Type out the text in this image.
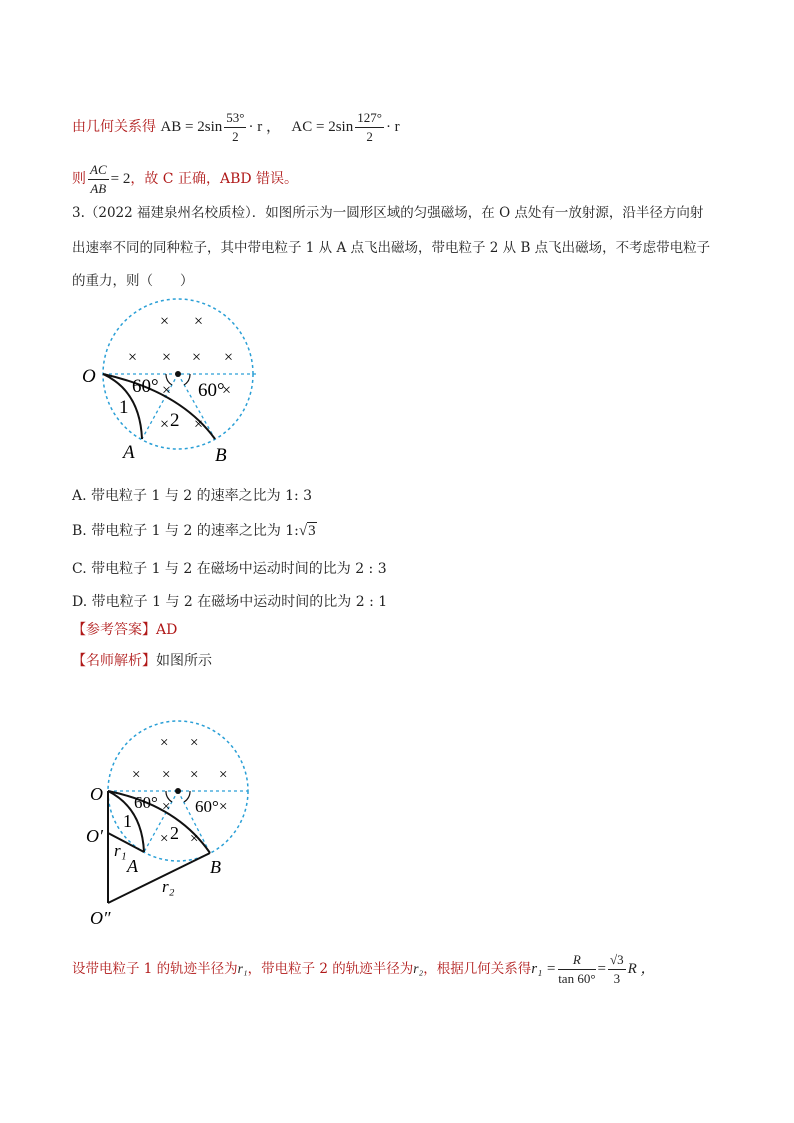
由几何关系得 AB = $2\sin \frac{53^\circ}{2} \cdot r$ ， AC = $2\sin \frac{127^\circ}{2} \cdot r$
则 $\frac{AC}{AB} = 2$，故 C 正确，ABD 错误。
3.（2022 福建泉州名校质检）．如图所示为一圆形区域的匀强磁场，在 O 点处有一放射源，沿半径方向射
出速率不同的同种粒子，其中带电粒子 1 从 A 点飞出磁场，带电粒子 2 从 B 点飞出磁场，不考虑带电粒子
的重力，则（　　）
× ×
× × × ×
×	×
× ×
O
A	B
1
2
60° 60°
A. 带电粒子 1 与 2 的速率之比为 1: 3
B. 带电粒子 1 与 2 的速率之比为 1:√3
C. 带电粒子 1 与 2 在磁场中运动时间的比为 2 : 3
D. 带电粒子 1 与 2 在磁场中运动时间的比为 2 : 1
【参考答案】AD
【名师解析】如图所示
× ×
× × × ×
×	×
× ×
O
O′
O″
A	B
1
2
r₁
r₂
60° 60°
设带电粒子 1 的轨迹半径为r₁，带电粒子 2 的轨迹半径为r₂，根据几何关系得$r_1 = \frac{R}{\tan 60^\circ} = \frac{√3}{3}$ R ，
